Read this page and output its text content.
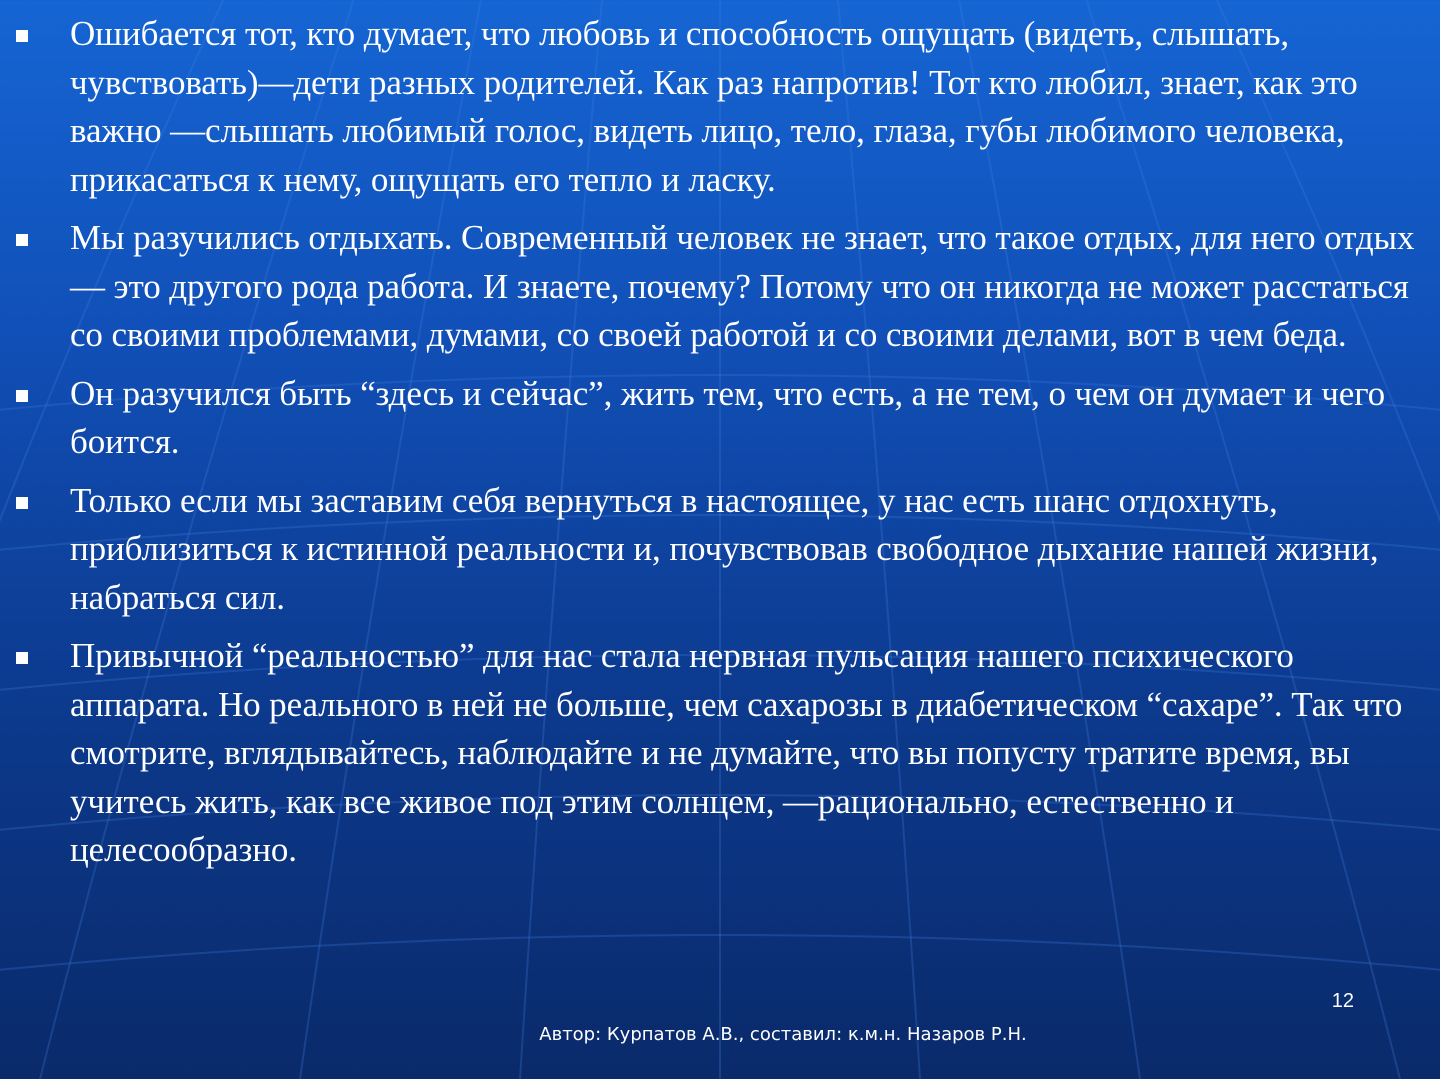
Ошибается тот, кто думает, что любовь и способность ощущать (видеть, слышать, чувствовать)—дети разных родителей. Как раз напротив! Тот кто любил, знает, как это важно —слышать любимый голос, видеть лицо, тело, глаза, губы любимого человека, прикасаться к нему, ощущать его тепло и ласку.
Мы разучились отдыхать. Современный человек не знает, что такое отдых, для него отдых — это другого рода работа. И знаете, почему? Потому что он никогда не может расстаться со своими проблемами, думами, со своей работой и со своими делами, вот в чем беда.
Он разучился быть “здесь и сейчас”, жить тем, что есть, а не тем, о чем он думает и чего боится.
Только если мы заставим себя вернуться в настоящее, у нас есть шанс отдохнуть, приблизиться к истинной реальности и, почувствовав свободное дыхание нашей жизни, набраться сил.
Привычной “реальностью” для нас стала нервная пульсация нашего психического аппарата. Но реального в ней не больше, чем сахарозы в диабетическом “сахаре”. Так что смотрите, вглядывайтесь, наблюдайте и не думайте, что вы попусту тратите время, вы учитесь жить, как все живое под этим солнцем, —рационально, естественно и целесообразно.
12
Автор: Курпатов А.В., составил: к.м.н. Назаров Р.Н.
